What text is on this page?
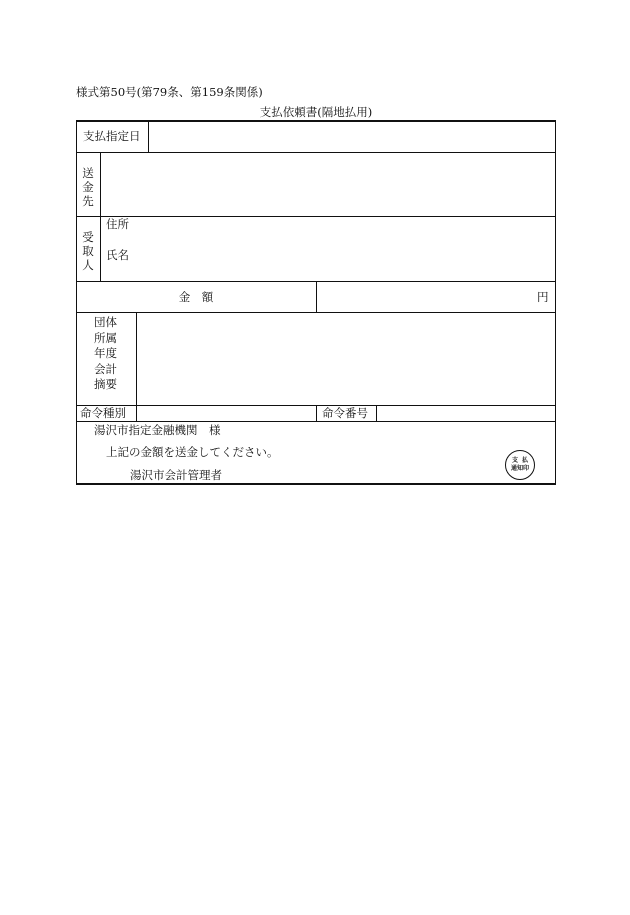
様式第50号(第79条、第159条関係)
支払依頼書(隔地払用)
支払指定日
送
金
先
受
取
人
住所
氏名
金　額	円
団体
所属
年度
会計
摘要
命令種別	命令番号
湯沢市指定金融機関　様
上記の金額を送金してください。
湯沢市会計管理者
支払
通知印
